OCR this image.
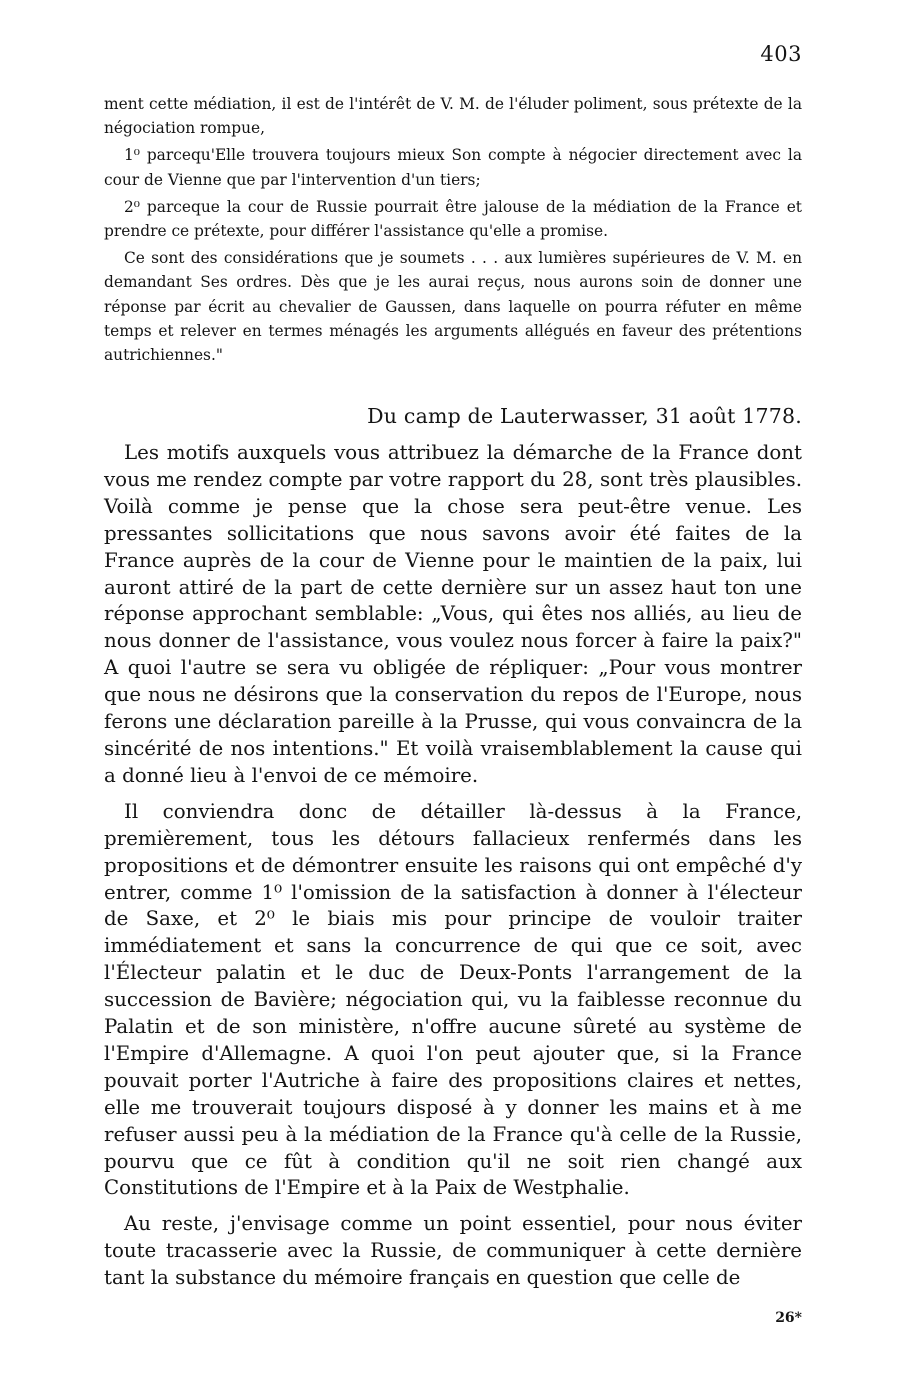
403

ment cette médiation, il est de l'intérêt de V. M. de l'éluder poliment, sous prétexte de la négociation rompue,

1⁰ parcequ'Elle trouvera toujours mieux Son compte à négocier directement avec la cour de Vienne que par l'intervention d'un tiers;

2⁰ parceque la cour de Russie pourrait être jalouse de la médiation de la France et prendre ce prétexte, pour différer l'assistance qu'elle a promise.

Ce sont des considérations que je soumets . . . aux lumières supérieures de V. M. en demandant Ses ordres. Dès que je les aurai reçus, nous aurons soin de donner une réponse par écrit au chevalier de Gaussen, dans laquelle on pourra réfuter en même temps et relever en termes ménagés les arguments allégués en faveur des prétentions autrichiennes."

Du camp de Lauterwasser, 31 août 1778.

Les motifs auxquels vous attribuez la démarche de la France dont vous me rendez compte par votre rapport du 28, sont très plausibles. Voilà comme je pense que la chose sera peut-être venue. Les pressantes sollicitations que nous savons avoir été faites de la France auprès de la cour de Vienne pour le maintien de la paix, lui auront attiré de la part de cette dernière sur un assez haut ton une réponse approchant semblable: „Vous, qui êtes nos alliés, au lieu de nous donner de l'assistance, vous voulez nous forcer à faire la paix?" A quoi l'autre se sera vu obligée de répliquer: „Pour vous montrer que nous ne désirons que la conservation du repos de l'Europe, nous ferons une déclaration pareille à la Prusse, qui vous convaincra de la sincérité de nos intentions." Et voilà vraisemblablement la cause qui a donné lieu à l'envoi de ce mémoire.

Il conviendra donc de détailler là-dessus à la France, premièrement, tous les détours fallacieux renfermés dans les propositions et de démontrer ensuite les raisons qui ont empêché d'y entrer, comme 1⁰ l'omission de la satisfaction à donner à l'électeur de Saxe, et 2⁰ le biais mis pour principe de vouloir traiter immédiatement et sans la concurrence de qui que ce soit, avec l'Électeur palatin et le duc de Deux-Ponts l'arrangement de la succession de Bavière; négociation qui, vu la faiblesse reconnue du Palatin et de son ministère, n'offre aucune sûreté au système de l'Empire d'Allemagne. A quoi l'on peut ajouter que, si la France pouvait porter l'Autriche à faire des propositions claires et nettes, elle me trouverait toujours disposé à y donner les mains et à me refuser aussi peu à la médiation de la France qu'à celle de la Russie, pourvu que ce fût à condition qu'il ne soit rien changé aux Constitutions de l'Empire et à la Paix de Westphalie.

Au reste, j'envisage comme un point essentiel, pour nous éviter toute tracasserie avec la Russie, de communiquer à cette dernière tant la substance du mémoire français en question que celle de

26*
